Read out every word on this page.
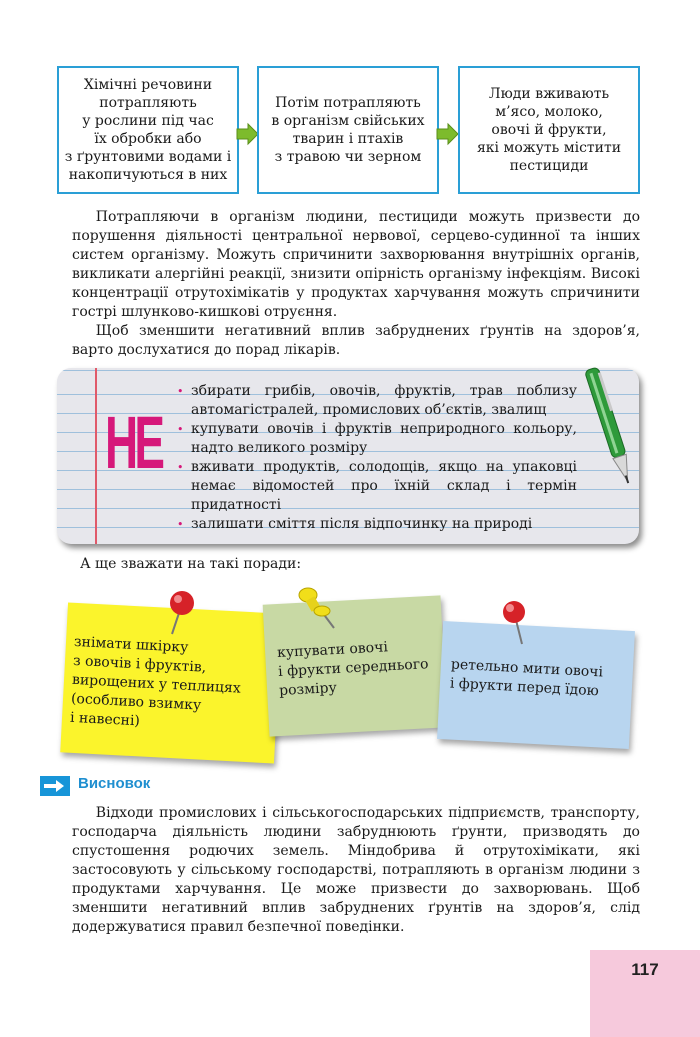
Хімічні речовини
потрапляють
у рослини під час
їх обробки або
з ґрунтовими водами і
накопичуються в них
Потім потрапляють
в організм свійських
тварин і птахів
з травою чи зерном
Люди вживають
м’ясо, молоко,
овочі й фрукти,
які можуть містити
пестициди

Потрапляючи в організм людини, пестициди можуть призвести до порушення діяльності центральної нервової, серцево-судинної та інших систем організму. Можуть спричинити захворювання внутрішніх органів, викликати алергійні реакції, знизити опірність організму інфекціям. Високі концентрації отрутохімікатів у продуктах харчування можуть спричинити гострі шлунково-кишкові отруєння.

Щоб зменшити негативний вплив забруднених ґрунтів на здоров’я, варто дослухатися до порад лікарів.

НЕ
• збирати грибів, овочів, фруктів, трав поблизу автомагістралей, промислових об’єктів, звалищ
• купувати овочів і фруктів неприродного кольору, надто великого розміру
• вживати продуктів, солодощів, якщо на упаковці немає відомостей про їхній склад і термін придатності
• залишати сміття після відпочинку на природі

А ще зважати на такі поради:

знімати шкірку
з овочів і фруктів,
вирощених у теплицях
(особливо взимку
і навесні)
купувати овочі
і фрукти середнього
розміру
ретельно мити овочі
і фрукти перед їдою

Висновок

Відходи промислових і сільськогосподарських підприємств, транспорту, господарча діяльність людини забруднюють ґрунти, призводять до спустошення родючих земель. Міндобрива й отрутохімікати, які застосовують у сільському господарстві, потрапляють в організм людини з продуктами харчування. Це може призвести до захворювань. Щоб зменшити негативний вплив забруднених ґрунтів на здоров’я, слід додержуватися правил безпечної поведінки.

117
